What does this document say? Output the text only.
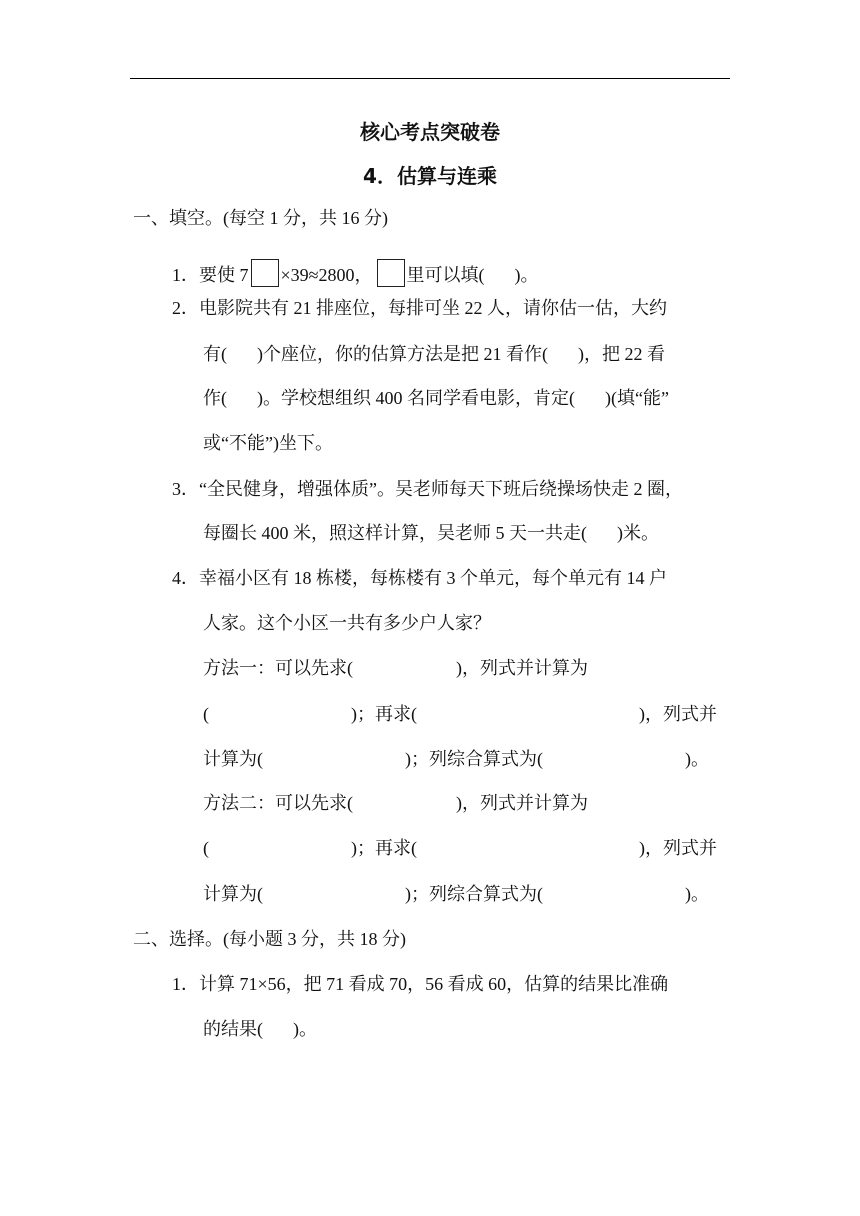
核心考点突破卷
4．估算与连乘
一、填空。(每空 1 分，共 16 分)
1．要使 7 ×39≈2800， 里可以填( )。
2．电影院共有 21 排座位，每排可坐 22 人，请你估一估，大约
有( )个座位，你的估算方法是把 21 看作( )，把 22 看
作( )。学校想组织 400 名同学看电影，肯定( )(填“能”
或“不能”)坐下。
3．“全民健身，增强体质”。吴老师每天下班后绕操场快走 2 圈，
每圈长 400 米，照这样计算，吴老师 5 天一共走( )米。
4．幸福小区有 18 栋楼，每栋楼有 3 个单元，每个单元有 14 户
人家。这个小区一共有多少户人家？
方法一：可以先求(	)，列式并计算为
(	)；再求(	)，列式并
计算为(	)；列综合算式为(	)。
方法二：可以先求(	)，列式并计算为
(	)；再求(	)，列式并
计算为(	)；列综合算式为(	)。
二、选择。(每小题 3 分，共 18 分)
1．计算 71×56，把 71 看成 70，56 看成 60，估算的结果比准确
的结果( )。
